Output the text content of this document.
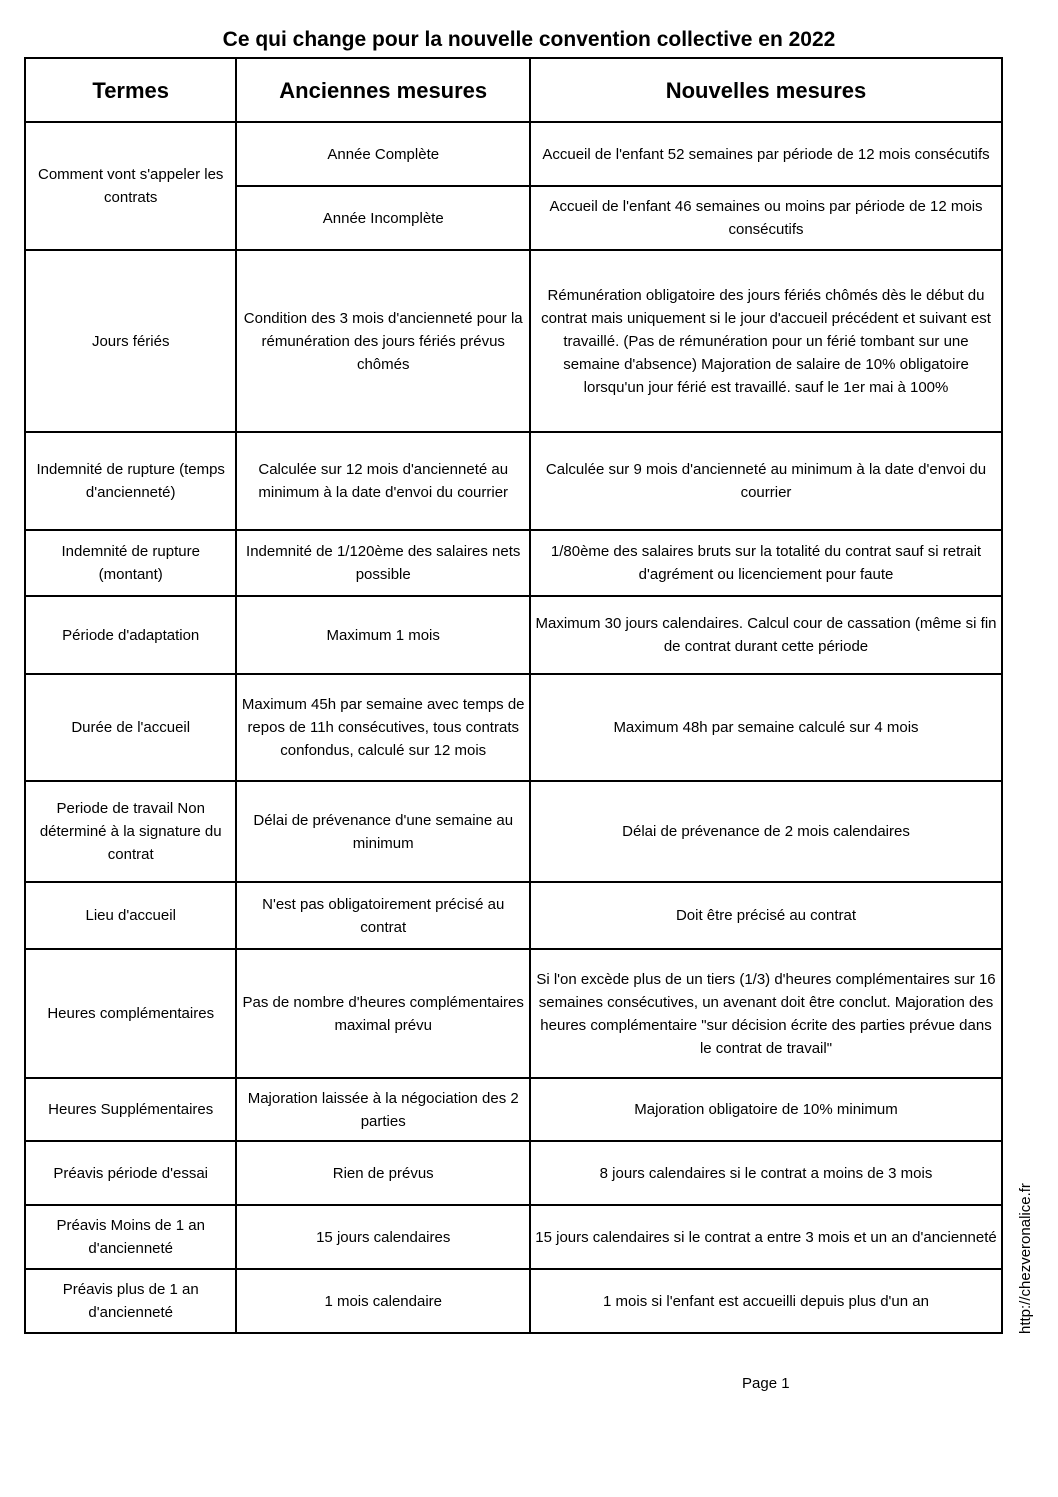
Ce qui change pour la nouvelle convention collective en 2022
Termes	Anciennes mesures	Nouvelles mesures
Comment vont s'appeler les contrats	Année Complète	Accueil de l'enfant 52 semaines par période de 12 mois consécutifs
	Année Incomplète	Accueil de l'enfant 46 semaines ou moins par période de 12 mois consécutifs
Jours fériés	Condition des 3 mois d'ancienneté pour la rémunération des jours fériés prévus chômés	Rémunération obligatoire des jours fériés chômés dès le début du contrat mais uniquement si le jour d'accueil précédent et suivant est travaillé. (Pas de rémunération pour un férié tombant sur une semaine d'absence) Majoration de salaire de 10% obligatoire lorsqu'un jour férié est travaillé. sauf le 1er mai à 100%
Indemnité de rupture (temps d'ancienneté)	Calculée sur 12 mois d'ancienneté au minimum à la date d'envoi du courrier	Calculée sur 9 mois d'ancienneté au minimum à la date d'envoi du courrier
Indemnité de rupture (montant)	Indemnité de 1/120ème des salaires nets possible	1/80ème des salaires bruts sur la totalité du contrat sauf si retrait d'agrément ou licenciement pour faute
Période d'adaptation	Maximum 1 mois	Maximum 30 jours calendaires. Calcul cour de cassation (même si fin de contrat durant cette période
Durée de l'accueil	Maximum 45h par semaine avec temps de repos de 11h consécutives, tous contrats confondus, calculé sur 12 mois	Maximum 48h par semaine calculé sur 4 mois
Periode de travail Non déterminé à la signature du contrat	Délai de prévenance d'une semaine au minimum	Délai de prévenance de 2 mois calendaires
Lieu d'accueil	N'est pas obligatoirement précisé au contrat	Doit être précisé au contrat
Heures complémentaires	Pas de nombre d'heures complémentaires maximal prévu	Si l'on excède plus de un tiers (1/3) d'heures complémentaires sur 16 semaines consécutives, un avenant doit être conclut. Majoration des heures complémentaire "sur décision écrite des parties prévue dans le contrat de travail"
Heures Supplémentaires	Majoration laissée à la négociation des 2 parties	Majoration obligatoire de 10% minimum
Préavis période d'essai	Rien de prévus	8 jours calendaires si le contrat a moins de 3 mois
Préavis Moins de 1 an d'ancienneté	15 jours calendaires	15 jours calendaires si le contrat a entre 3 mois et un an d'ancienneté
Préavis plus de 1 an d'ancienneté	1 mois calendaire	1 mois si l'enfant est accueilli depuis plus d'un an	http://chezveronalice.fr
Page 1
